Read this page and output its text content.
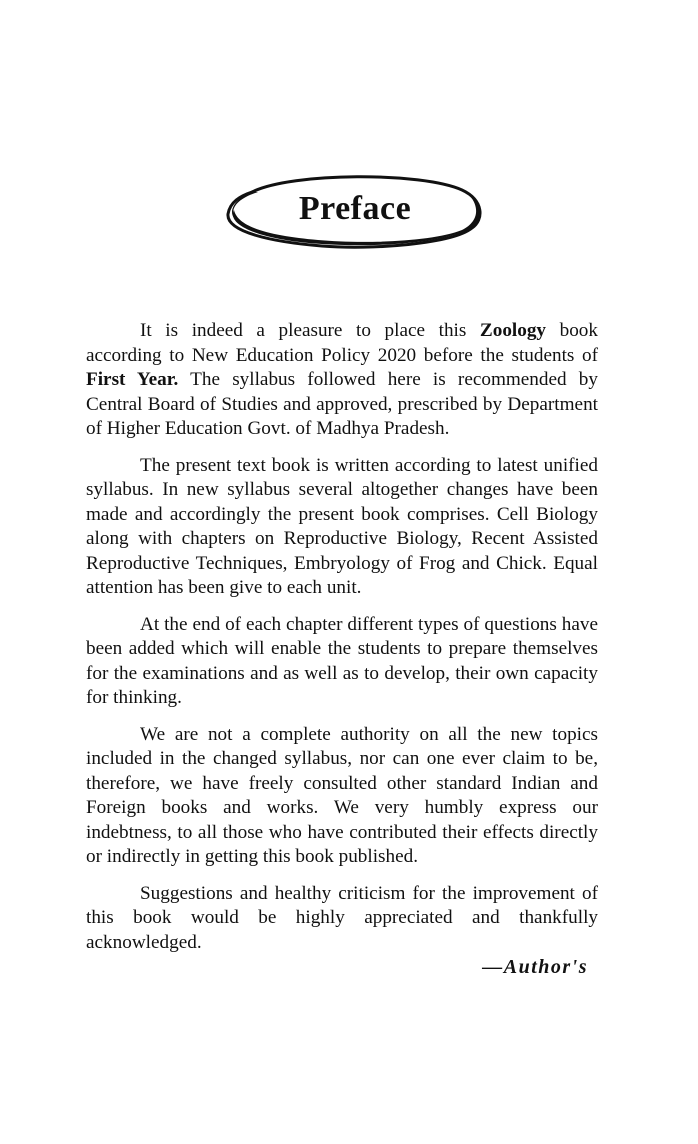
Preface

It is indeed a pleasure to place this Zoology book according to New Education Policy 2020 before the students of First Year. The syllabus followed here is recommended by Central Board of Studies and approved, prescribed by Department of Higher Education Govt. of Madhya Pradesh.

The present text book is written according to latest unified syllabus. In new syllabus several altogether changes have been made and accordingly the present book comprises. Cell Biology along with chapters on Reproductive Biology, Recent Assisted Reproductive Techniques, Embryology of Frog and Chick. Equal attention has been give to each unit.

At the end of each chapter different types of questions have been added which will enable the students to prepare themselves for the examinations and as well as to develop, their own capacity for thinking.

We are not a complete authority on all the new topics included in the changed syllabus, nor can one ever claim to be, therefore, we have freely consulted other standard Indian and Foreign books and works. We very humbly express our indebtness, to all those who have contributed their effects directly or indirectly in getting this book published.

Suggestions and healthy criticism for the improvement of this book would be highly appreciated and thankfully acknowledged.

—Author's
